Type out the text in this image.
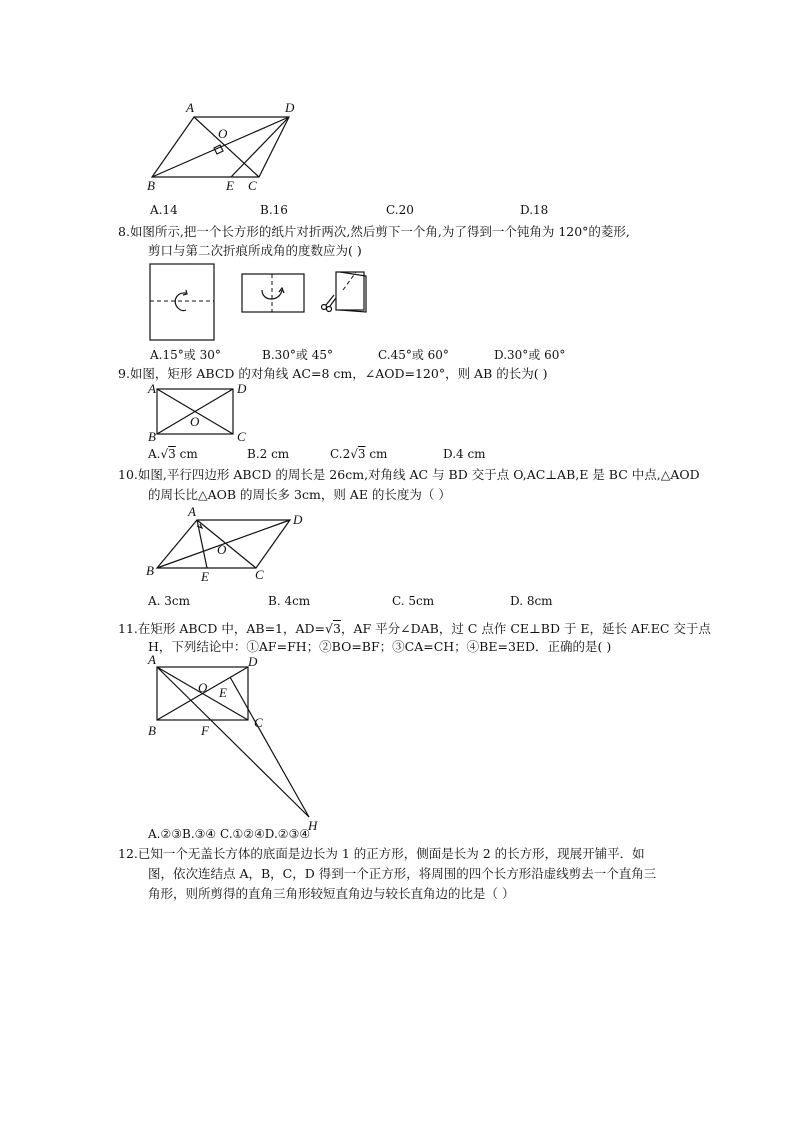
A	D
O
B	E C
A.14	B.16	C.20	D.18
8.如图所示,把一个长方形的纸片对折两次,然后剪下一个角,为了得到一个钝角为 120°的菱形,
剪口与第二次折痕所成角的度数应为( )
A.15°或 30°	B.30°或 45°	C.45°或 60°	D.30°或 60°
9.如图，矩形 ABCD 的对角线 AC=8 cm，∠AOD=120°，则 AB 的长为( )
A	D
O
B	C
A.√3 cm	B.2 cm	C.2√3 cm	D.4 cm
10.如图,平行四边形 ABCD 的周长是 26cm,对角线 AC 与 BD 交于点 O,AC⊥AB,E 是 BC 中点,△AOD
的周长比△AOB 的周长多 3cm，则 AE 的长度为（ ）
A
D
O
B	E	C
A. 3cm	B. 4cm	C. 5cm	D. 8cm
11.在矩形 ABCD 中，AB=1，AD=√3，AF 平分∠DAB，过 C 点作 CE⊥BD 于 E，延长 AF.EC 交于点
H，下列结论中：①AF=FH；②BO=BF；③CA=CH；④BE=3ED．正确的是( )
A	D
O E
B	F
C
H
A.②③B.③④ C.①②④D.②③④
12.已知一个无盖长方体的底面是边长为 1 的正方形，侧面是长为 2 的长方形，现展开铺平．如
图，依次连结点 A，B，C，D 得到一个正方形，将周围的四个长方形沿虚线剪去一个直角三
角形，则所剪得的直角三角形较短直角边与较长直角边的比是（ ）
